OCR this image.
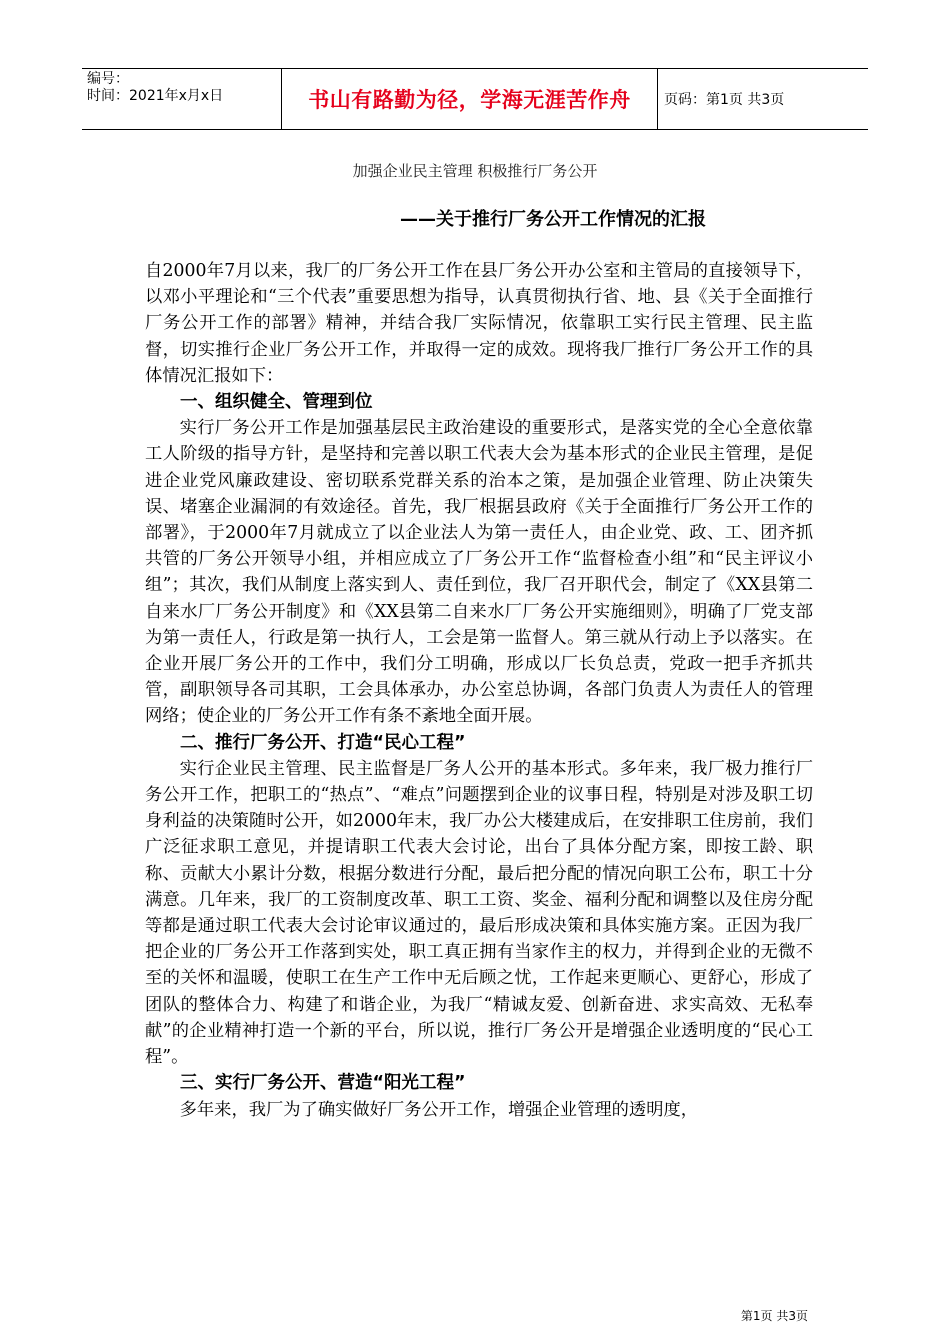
编号：
时间：2021年x月x日	书山有路勤为径，学海无涯苦作舟	页码：第1页 共3页
加强企业民主管理 积极推行厂务公开
——关于推行厂务公开工作情况的汇报

自2000年7月以来，我厂的厂务公开工作在县厂务公开办公室和主管局的直接领导下，以邓小平理论和“三个代表”重要思想为指导，认真贯彻执行省、地、县《关于全面推行厂务公开工作的部署》精神，并结合我厂实际情况，依靠职工实行民主管理、民主监督，切实推行企业厂务公开工作，并取得一定的成效。现将我厂推行厂务公开工作的具体情况汇报如下：

一、组织健全、管理到位

实行厂务公开工作是加强基层民主政治建设的重要形式，是落实党的全心全意依靠工人阶级的指导方针，是坚持和完善以职工代表大会为基本形式的企业民主管理，是促进企业党风廉政建设、密切联系党群关系的治本之策，是加强企业管理、防止决策失误、堵塞企业漏洞的有效途径。首先，我厂根据县政府《关于全面推行厂务公开工作的部署》，于2000年7月就成立了以企业法人为第一责任人，由企业党、政、工、团齐抓共管的厂务公开领导小组，并相应成立了厂务公开工作“监督检查小组”和“民主评议小组”；其次，我们从制度上落实到人、责任到位，我厂召开职代会，制定了《XX县第二自来水厂厂务公开制度》和《XX县第二自来水厂厂务公开实施细则》，明确了厂党支部为第一责任人，行政是第一执行人，工会是第一监督人。第三就从行动上予以落实。在企业开展厂务公开的工作中，我们分工明确，形成以厂长负总责，党政一把手齐抓共管，副职领导各司其职，工会具体承办，办公室总协调，各部门负责人为责任人的管理网络；使企业的厂务公开工作有条不紊地全面开展。

二、推行厂务公开、打造“民心工程”

实行企业民主管理、民主监督是厂务人公开的基本形式。多年来，我厂极力推行厂务公开工作，把职工的“热点”、“难点”问题摆到企业的议事日程，特别是对涉及职工切身利益的决策随时公开，如2000年末，我厂办公大楼建成后，在安排职工住房前，我们广泛征求职工意见，并提请职工代表大会讨论，出台了具体分配方案，即按工龄、职称、贡献大小累计分数，根据分数进行分配，最后把分配的情况向职工公布，职工十分满意。几年来，我厂的工资制度改革、职工工资、奖金、福利分配和调整以及住房分配等都是通过职工代表大会讨论审议通过的，最后形成决策和具体实施方案。正因为我厂把企业的厂务公开工作落到实处，职工真正拥有当家作主的权力，并得到企业的无微不至的关怀和温暖，使职工在生产工作中无后顾之忧，工作起来更顺心、更舒心，形成了团队的整体合力、构建了和谐企业，为我厂“精诚友爱、创新奋进、求实高效、无私奉献”的企业精神打造一个新的平台，所以说，推行厂务公开是增强企业透明度的“民心工程”。

三、实行厂务公开、营造“阳光工程”

多年来，我厂为了确实做好厂务公开工作，增强企业管理的透明度，

第1页 共3页
